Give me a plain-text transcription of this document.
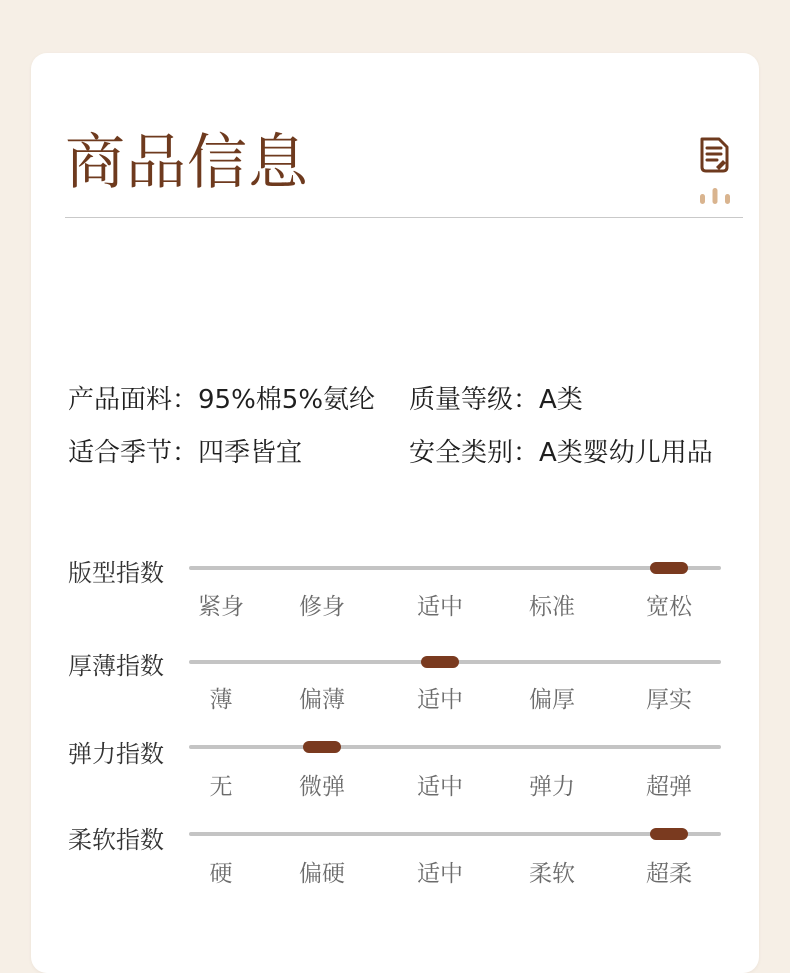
商品信息
产品面料：95%棉5%氨纶 质量等级：A类
适合季节：四季皆宜	安全类别：A类婴幼儿用品
版型指数
紧身 修身	适中	标准	宽松
厚薄指数
薄	偏薄	适中	偏厚	厚实
弹力指数
无	微弹	适中	弹力	超弹
柔软指数
硬	偏硬	适中	柔软	超柔
